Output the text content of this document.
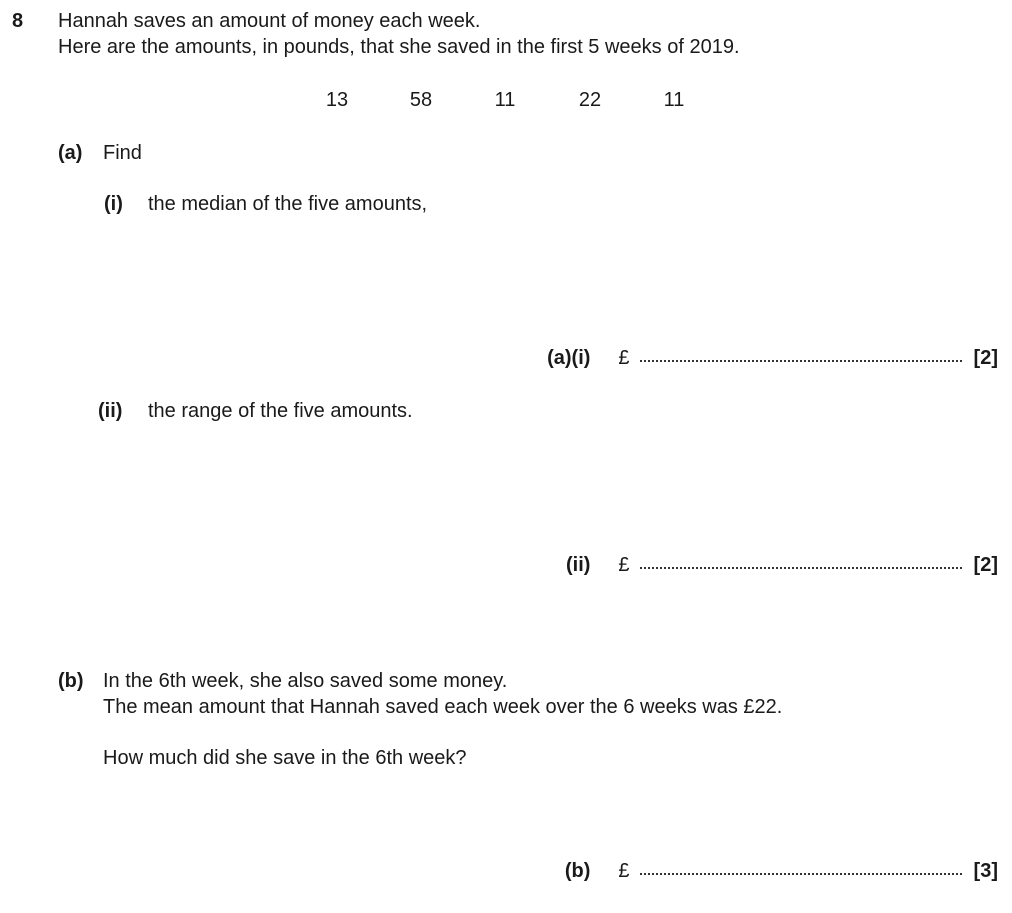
8 Hannah saves an amount of money each week.
Here are the amounts, in pounds, that she saved in the first 5 weeks of 2019.
13	58	11	22	11
(a) Find
(i) the median of the five amounts,
(a)(i) £	[2]
(ii) the range of the five amounts.
(ii) £	[2]
(b) In the 6th week, she also saved some money.
The mean amount that Hannah saved each week over the 6 weeks was £22.
How much did she save in the 6th week?
(b) £	[3]
